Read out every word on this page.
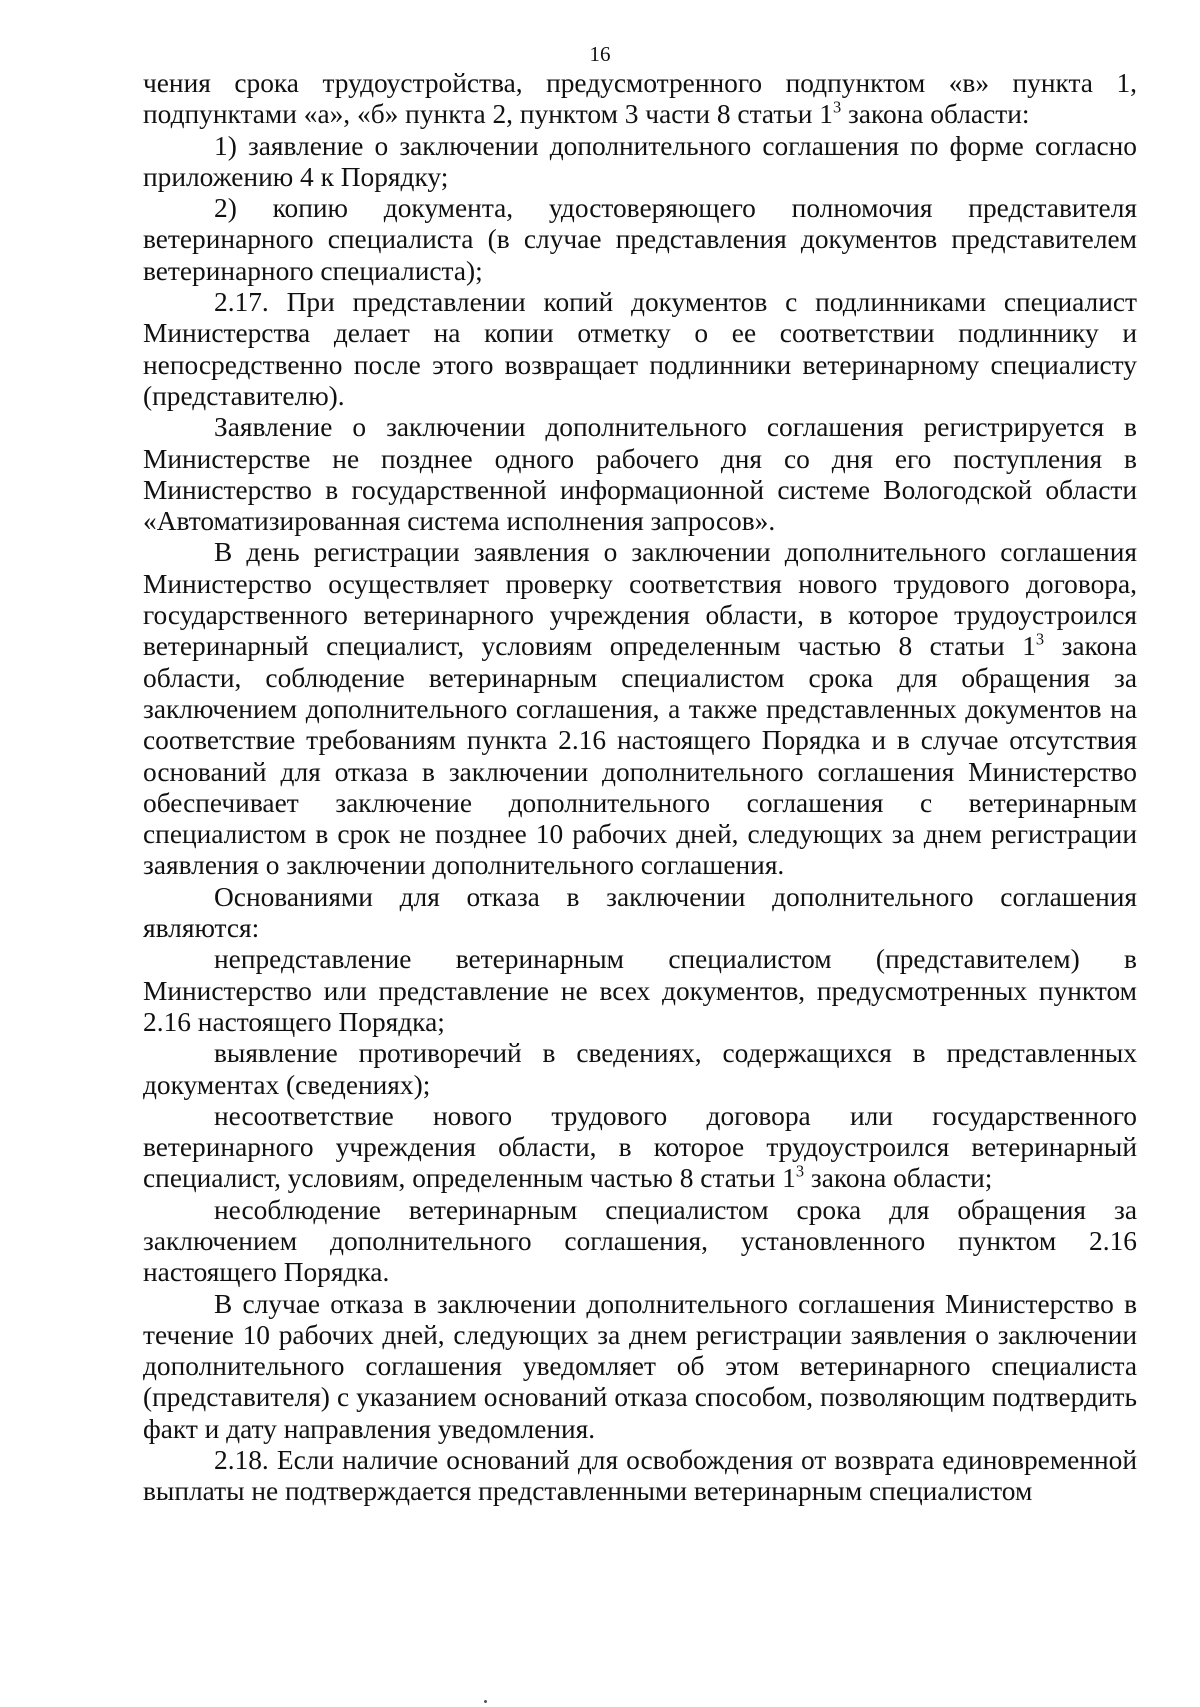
16

чения срока трудоустройства, предусмотренного подпунктом «в» пункта 1, подпунктами «а», «б» пункта 2, пунктом 3 части 8 статьи $1^3$ закона области:

1) заявление о заключении дополнительного соглашения по форме согласно приложению 4 к Порядку;

2) копию документа, удостоверяющего полномочия представителя ветеринарного специалиста (в случае представления документов представителем ветеринарного специалиста);

2.17. При представлении копий документов с подлинниками специалист Министерства делает на копии отметку о ее соответствии подлиннику и непосредственно после этого возвращает подлинники ветеринарному специалисту (представителю).

Заявление о заключении дополнительного соглашения регистрируется в Министерстве не позднее одного рабочего дня со дня его поступления в Министерство в государственной информационной системе Вологодской области «Автоматизированная система исполнения запросов».

В день регистрации заявления о заключении дополнительного соглашения Министерство осуществляет проверку соответствия нового трудового договора, государственного ветеринарного учреждения области, в которое трудоустроился ветеринарный специалист, условиям определенным частью 8 статьи $1^3$ закона области, соблюдение ветеринарным специалистом срока для обращения за заключением дополнительного соглашения, а также представленных документов на соответствие требованиям пункта 2.16 настоящего Порядка и в случае отсутствия оснований для отказа в заключении дополнительного соглашения Министерство обеспечивает заключение дополнительного соглашения с ветеринарным специалистом в срок не позднее 10 рабочих дней, следующих за днем регистрации заявления о заключении дополнительного соглашения.

Основаниями для отказа в заключении дополнительного соглашения являются:

непредставление ветеринарным специалистом (представителем) в Министерство или представление не всех документов, предусмотренных пунктом 2.16 настоящего Порядка;

выявление противоречий в сведениях, содержащихся в представленных документах (сведениях);

несоответствие нового трудового договора или государственного ветеринарного учреждения области, в которое трудоустроился ветеринарный специалист, условиям, определенным частью 8 статьи $1^3$ закона области;

несоблюдение ветеринарным специалистом срока для обращения за заключением дополнительного соглашения, установленного пунктом 2.16 настоящего Порядка.

В случае отказа в заключении дополнительного соглашения Министерство в течение 10 рабочих дней, следующих за днем регистрации заявления о заключении дополнительного соглашения уведомляет об этом ветеринарного специалиста (представителя) с указанием оснований отказа способом, позволяющим подтвердить факт и дату направления уведомления.

2.18. Если наличие оснований для освобождения от возврата единовременной выплаты не подтверждается представленными ветеринарным специалистом
